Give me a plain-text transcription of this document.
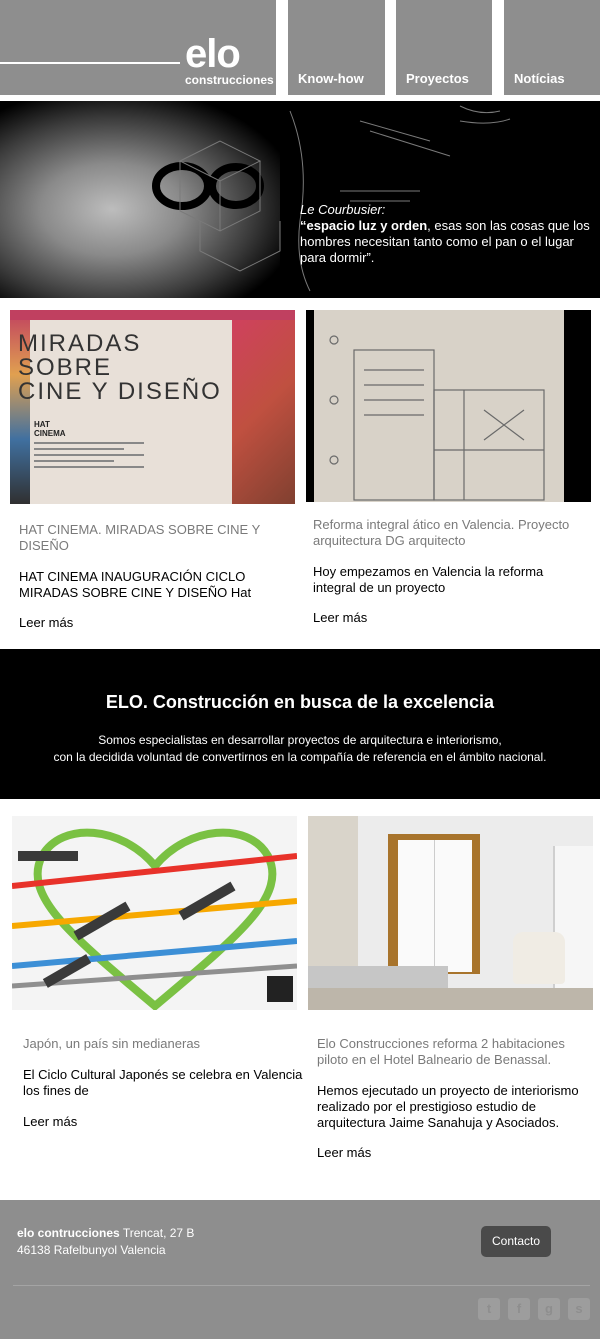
elo
construcciones Know-how	Proyectos	Notícias
Le Courbusier:
“espacio luz y orden, esas son las cosas que los hombres necesitan tanto como el pan o el lugar para dormir”.
MIRADAS
SOBRE
CINE Y DISEÑO
HAT CINEMA
HAT CINEMA. MIRADAS SOBRE CINE Y DISEÑO
HAT CINEMA INAUGURACIÓN CICLO MIRADAS SOBRE CINE Y DISEÑO Hat
Leer más
Reforma integral ático en Valencia. Proyecto arquitectura DG arquitecto
Hoy empezamos en Valencia la reforma integral de un proyecto
Leer más
ELO. Construcción en busca de la excelencia
Somos especialistas en desarrollar proyectos de arquitectura e interiorismo,
con la decidida voluntad de convertirnos en la compañía de referencia en el ámbito nacional.
Japón, un país sin medianeras
El Ciclo Cultural Japonés se celebra en Valencia los fines de
Leer más
Elo Construcciones reforma 2 habitaciones piloto en el Hotel Balneario de Benassal.
Hemos ejecutado un proyecto de interiorismo realizado por el prestigioso estudio de arquitectura Jaime Sanahuja y Asociados.
Leer más
elo contrucciones Trencat, 27 B
46138 Rafelbunyol Valencia
Contacto
t	f	g	s
